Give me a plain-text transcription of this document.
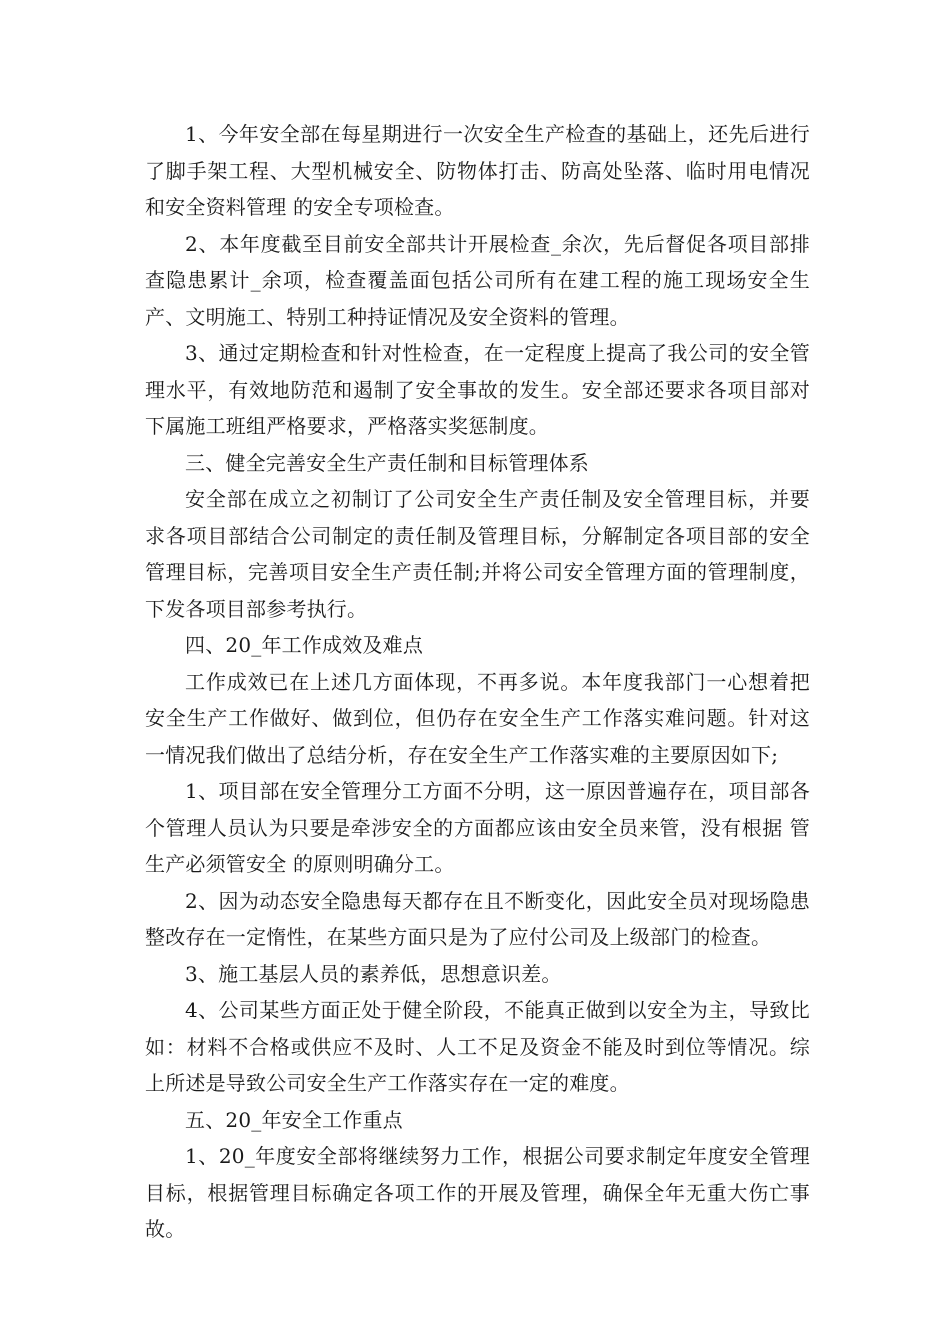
1、今年安全部在每星期进行一次安全生产检查的基础上，还先后进行了脚手架工程、大型机械安全、防物体打击、防高处坠落、临时用电情况和安全资料管理 的安全专项检查。

2、本年度截至目前安全部共计开展检查_余次，先后督促各项目部排查隐患累计_余项，检查覆盖面包括公司所有在建工程的施工现场安全生产、文明施工、特别工种持证情况及安全资料的管理。

3、通过定期检查和针对性检查，在一定程度上提高了我公司的安全管理水平，有效地防范和遏制了安全事故的发生。安全部还要求各项目部对下属施工班组严格要求，严格落实奖惩制度。

三、健全完善安全生产责任制和目标管理体系

安全部在成立之初制订了公司安全生产责任制及安全管理目标，并要求各项目部结合公司制定的责任制及管理目标，分解制定各项目部的安全管理目标，完善项目安全生产责任制;并将公司安全管理方面的管理制度，下发各项目部参考执行。

四、20_年工作成效及难点

工作成效已在上述几方面体现，不再多说。本年度我部门一心想着把安全生产工作做好、做到位，但仍存在安全生产工作落实难问题。针对这一情况我们做出了总结分析，存在安全生产工作落实难的主要原因如下;

1、项目部在安全管理分工方面不分明，这一原因普遍存在，项目部各个管理人员认为只要是牵涉安全的方面都应该由安全员来管，没有根据 管生产必须管安全 的原则明确分工。

2、因为动态安全隐患每天都存在且不断变化，因此安全员对现场隐患整改存在一定惰性，在某些方面只是为了应付公司及上级部门的检查。

3、施工基层人员的素养低，思想意识差。

4、公司某些方面正处于健全阶段，不能真正做到以安全为主，导致比如：材料不合格或供应不及时、人工不足及资金不能及时到位等情况。综上所述是导致公司安全生产工作落实存在一定的难度。

五、20_年安全工作重点

1、20_年度安全部将继续努力工作，根据公司要求制定年度安全管理目标，根据管理目标确定各项工作的开展及管理，确保全年无重大伤亡事故。
